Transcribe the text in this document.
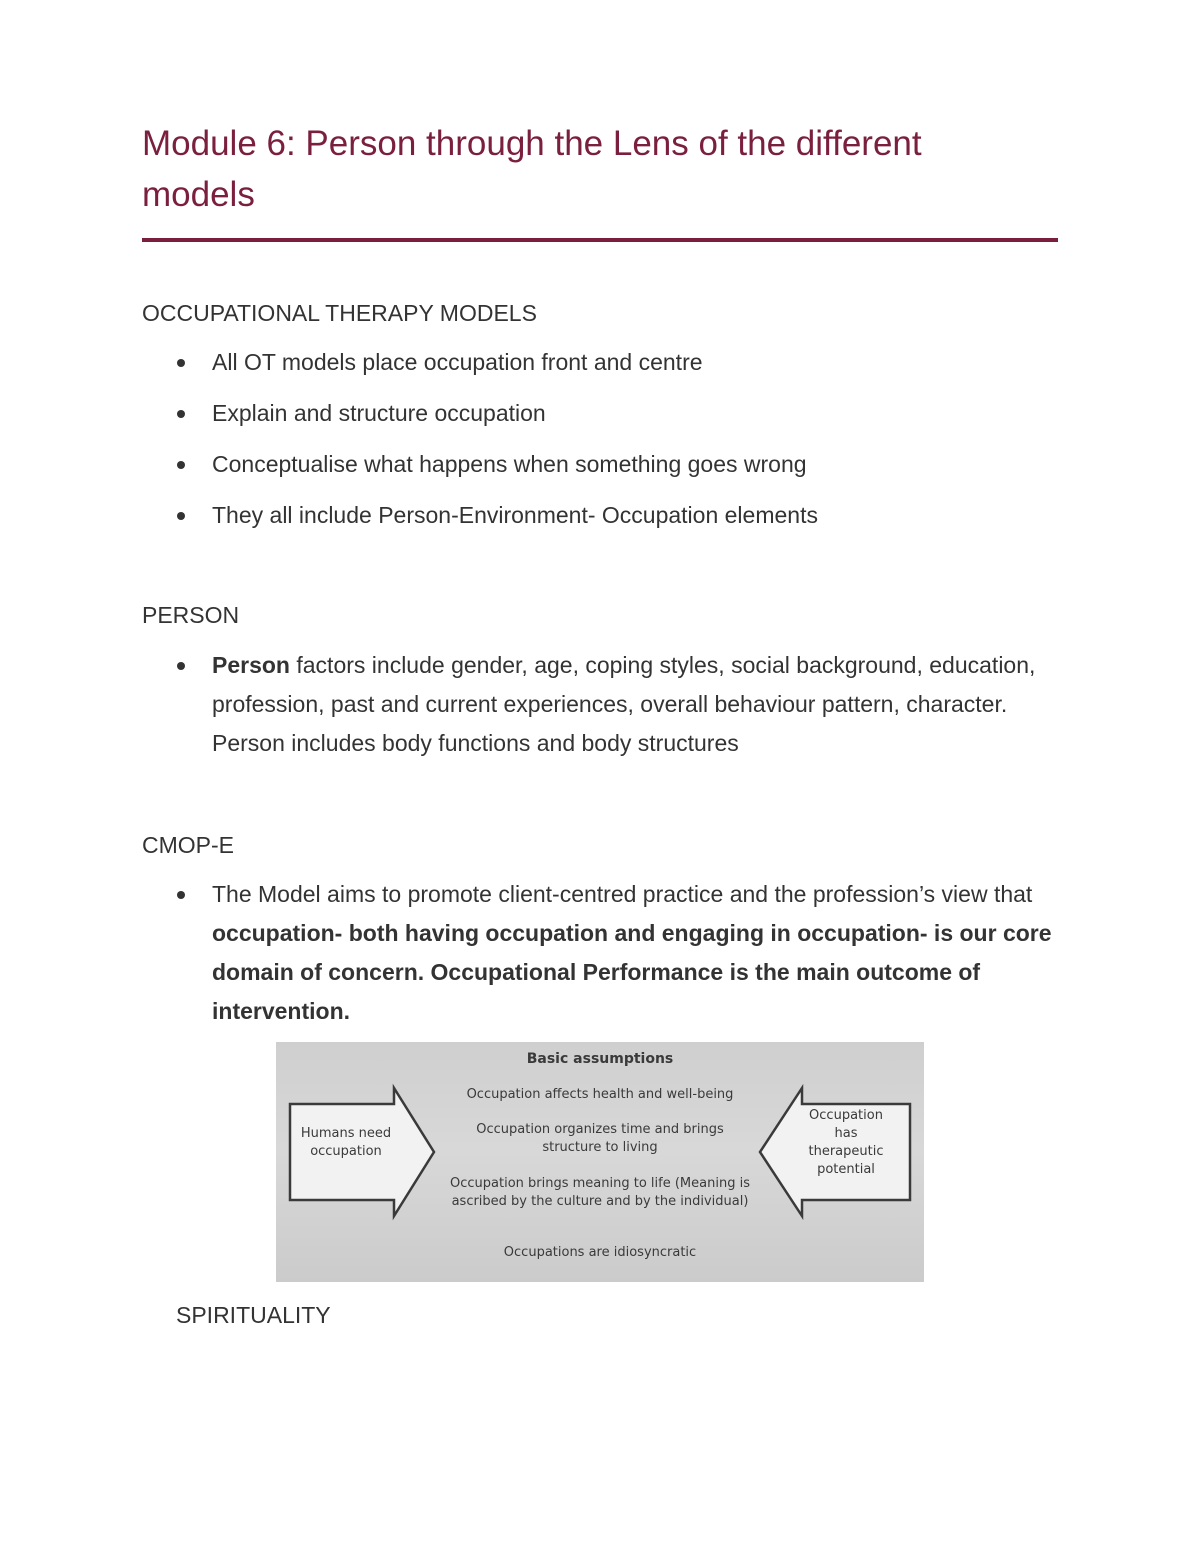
Module 6: Person through the Lens of the different models
OCCUPATIONAL THERAPY MODELS
All OT models place occupation front and centre
Explain and structure occupation
Conceptualise what happens when something goes wrong
They all include Person-Environment- Occupation elements
PERSON
Person factors include gender, age, coping styles, social background, education, profession, past and current experiences, overall behaviour pattern, character. Person includes body functions and body structures
CMOP-E
The Model aims to promote client-centred practice and the profession’s view that occupation- both having occupation and engaging in occupation- is our core domain of concern. Occupational Performance is the main outcome of intervention.
Basic assumptions
Humans need occupation
Occupation has therapeutic potential
Occupation affects health and well-being
Occupation organizes time and brings structure to living
Occupation brings meaning to life (Meaning is ascribed by the culture and by the individual)
Occupations are idiosyncratic
SPIRITUALITY
